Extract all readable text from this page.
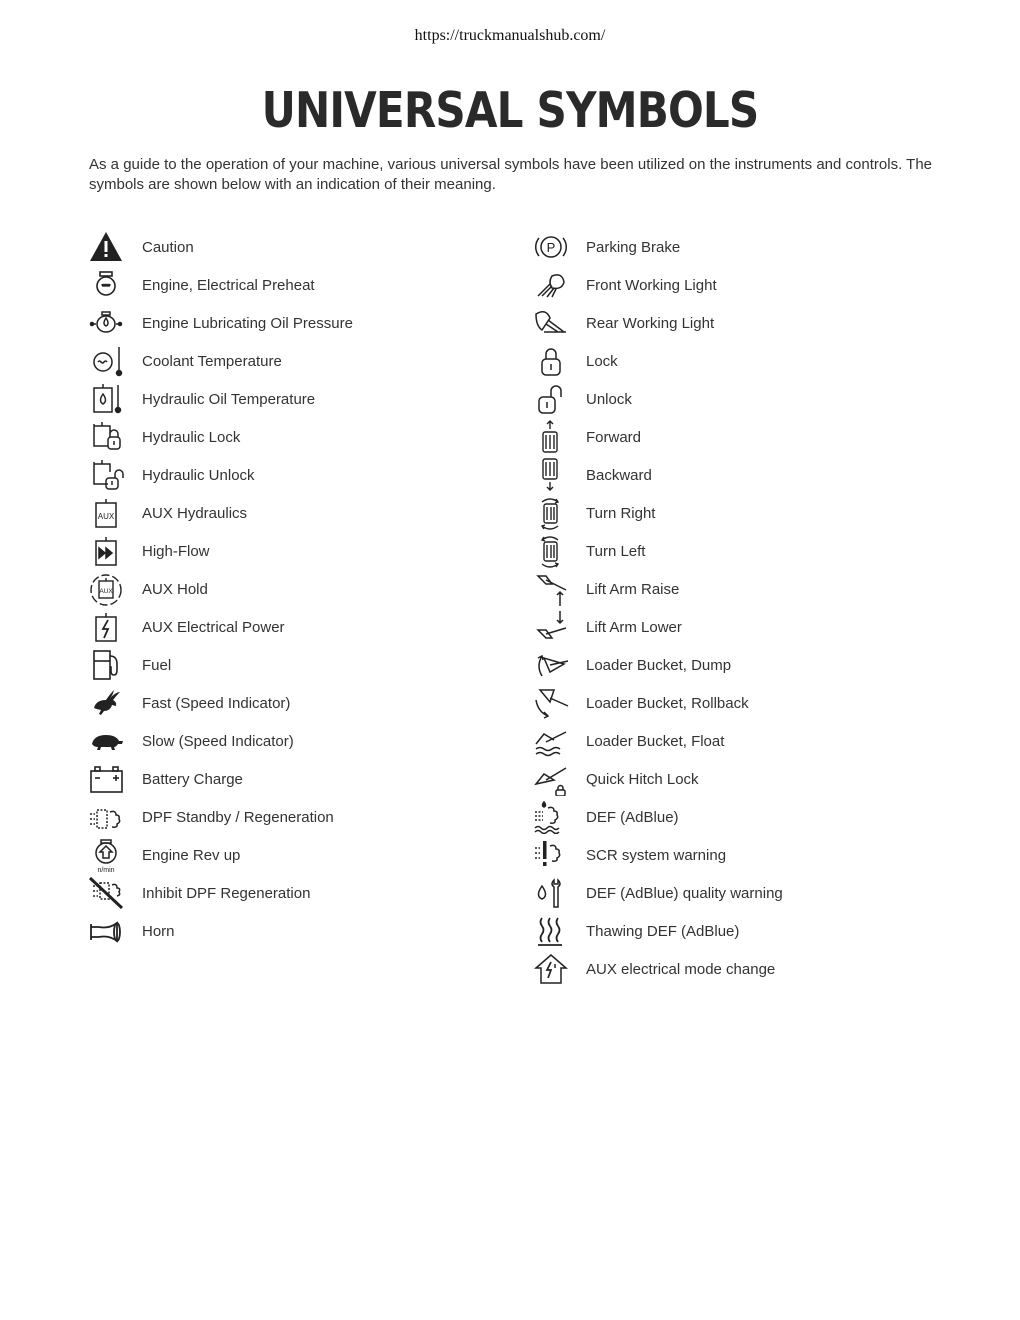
https://truckmanualshub.com/
UNIVERSAL SYMBOLS
As a guide to the operation of your machine, various universal symbols have been utilized on the instruments and controls. The symbols are shown below with an indication of their meaning.
Caution
Engine, Electrical Preheat
Engine Lubricating Oil Pressure
Coolant Temperature
Hydraulic Oil Temperature
Hydraulic Lock
Hydraulic Unlock
AUX AUX Hydraulics
High-Flow
AUX AUX Hold
AUX Electrical Power
Fuel
Fast (Speed Indicator)
Slow (Speed Indicator)
Battery Charge
DPF Standby / Regeneration
n/min
Engine Rev up
Inhibit DPF Regeneration
Horn
P Parking Brake
Front Working Light
Rear Working Light
Lock
Unlock
Forward
Backward
Turn Right
Turn Left
Lift Arm Raise
Lift Arm Lower
Loader Bucket, Dump
Loader Bucket, Rollback
Loader Bucket, Float
Quick Hitch Lock
DEF (AdBlue)
SCR system warning
DEF (AdBlue) quality warning
Thawing DEF (AdBlue)
AUX electrical mode change
